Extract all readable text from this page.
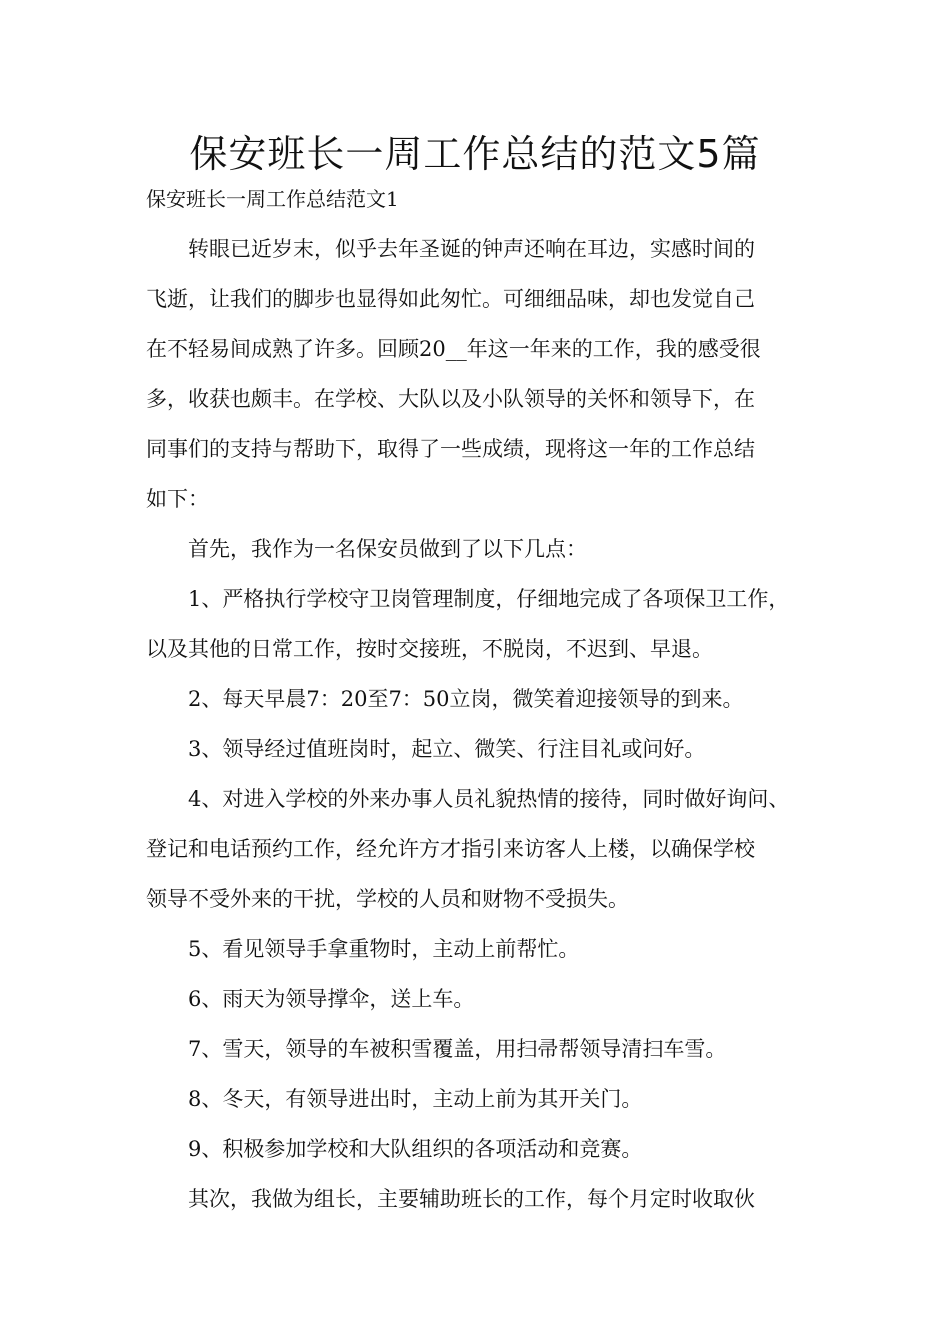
保安班长一周工作总结的范文5篇

保安班长一周工作总结范文1

转眼已近岁末，似乎去年圣诞的钟声还响在耳边，实感时间的

飞逝，让我们的脚步也显得如此匆忙。可细细品味，却也发觉自己

在不轻易间成熟了许多。回顾20__年这一年来的工作，我的感受很

多，收获也颇丰。在学校、大队以及小队领导的关怀和领导下，在

同事们的支持与帮助下，取得了一些成绩，现将这一年的工作总结

如下：

首先，我作为一名保安员做到了以下几点：

1、严格执行学校守卫岗管理制度，仔细地完成了各项保卫工作，

以及其他的日常工作，按时交接班，不脱岗，不迟到、早退。

2、每天早晨7：20至7：50立岗，微笑着迎接领导的到来。

3、领导经过值班岗时，起立、微笑、行注目礼或问好。

4、对进入学校的外来办事人员礼貌热情的接待，同时做好询问、

登记和电话预约工作，经允许方才指引来访客人上楼，以确保学校

领导不受外来的干扰，学校的人员和财物不受损失。

5、看见领导手拿重物时，主动上前帮忙。

6、雨天为领导撑伞，送上车。

7、雪天，领导的车被积雪覆盖，用扫帚帮领导清扫车雪。

8、冬天，有领导进出时，主动上前为其开关门。

9、积极参加学校和大队组织的各项活动和竞赛。

其次，我做为组长，主要辅助班长的工作，每个月定时收取伙
